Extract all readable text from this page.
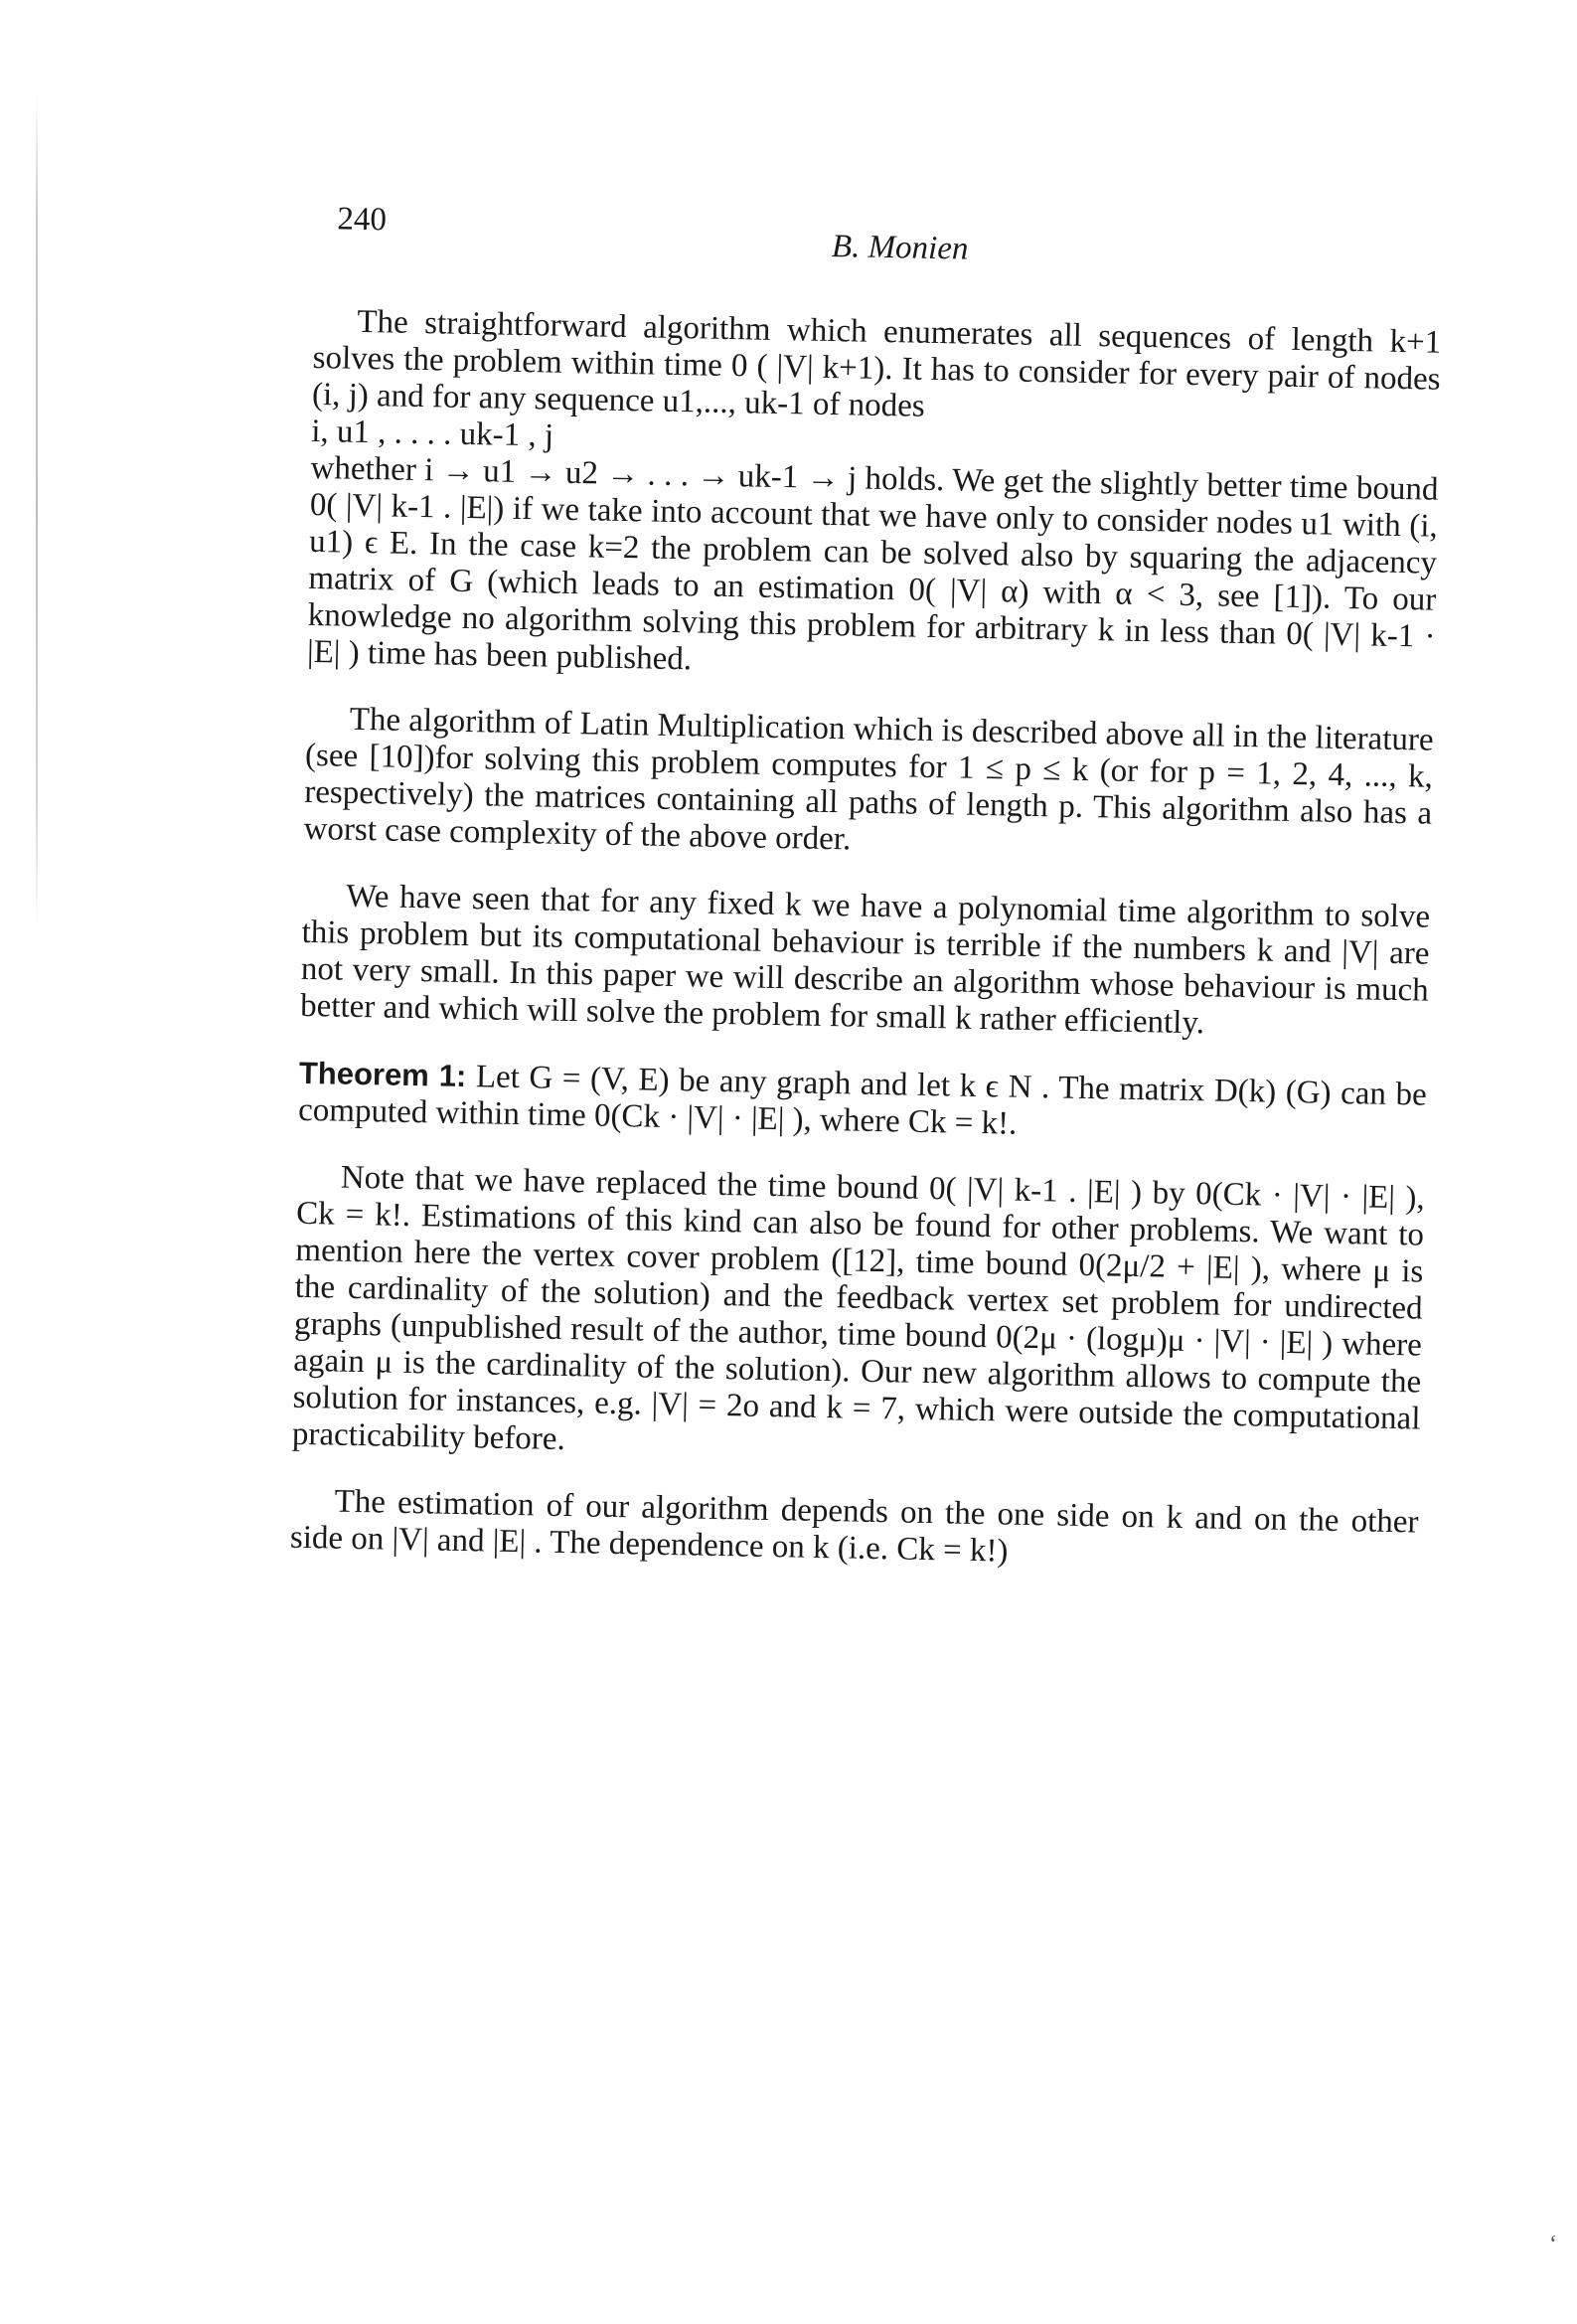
240
B. Monien

The straightforward algorithm which enumerates all sequences of length k+1 solves the problem within time 0 ( |V| k+1). It has to consider for every pair of nodes (i, j) and for any sequence u1,..., uk-1 of nodes

i, u1 , . . . . uk-1 , j

whether i → u1 → u2 → . . . → uk-1 → j holds. We get the slightly better time bound 0( |V| k-1 . |E|) if we take into account that we have only to consider nodes u1 with (i, u1) ϵ E. In the case k=2 the problem can be solved also by squaring the adjacency matrix of G (which leads to an estimation 0( |V| α) with α < 3, see [1]). To our knowledge no algorithm solving this problem for arbitrary k in less than 0( |V| k-1 · |E| ) time has been published.

The algorithm of Latin Multiplication which is described above all in the literature (see [10])for solving this problem computes for 1 ≤ p ≤ k (or for p = 1, 2, 4, ..., k, respectively) the matrices containing all paths of length p. This algorithm also has a worst case complexity of the above order.

We have seen that for any fixed k we have a polynomial time algorithm to solve this problem but its computational behaviour is terrible if the numbers k and |V| are not very small. In this paper we will describe an algorithm whose behaviour is much better and which will solve the problem for small k rather efficiently.

Theorem 1: Let G = (V, E) be any graph and let k ϵ N . The matrix D(k) (G) can be computed within time 0(Ck · |V| · |E| ), where Ck = k!.

Note that we have replaced the time bound 0( |V| k-1 . |E| ) by 0(Ck · |V| · |E| ), Ck = k!. Estimations of this kind can also be found for other problems. We want to mention here the vertex cover problem ([12], time bound 0(2μ/2 + |E| ), where μ is the cardinality of the solution) and the feedback vertex set problem for undirected graphs (unpublished result of the author, time bound 0(2μ · (logμ)μ · |V| · |E| ) where again μ is the cardinality of the solution). Our new algorithm allows to compute the solution for instances, e.g. |V| = 2o and k = 7, which were outside the computational practicability before.

The estimation of our algorithm depends on the one side on k and on the other side on |V| and |E| . The dependence on k (i.e. Ck = k!)

ʻ
